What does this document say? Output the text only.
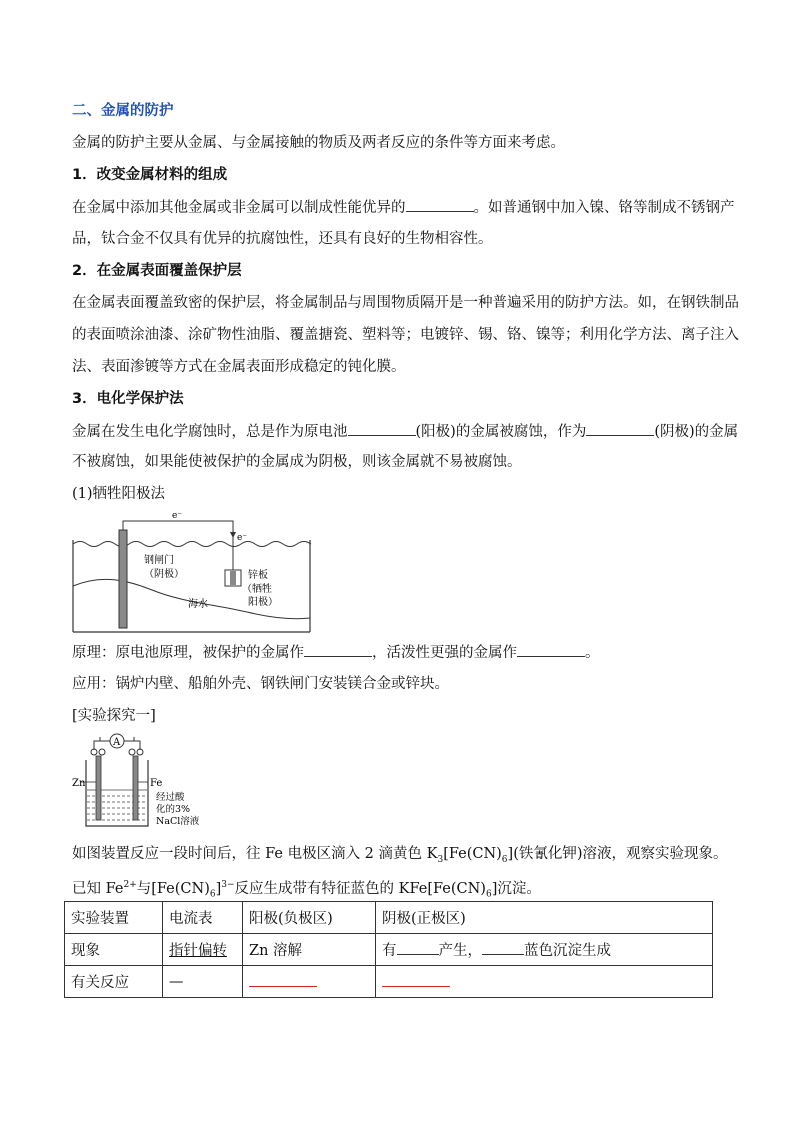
二、金属的防护
金属的防护主要从金属、与金属接触的物质及两者反应的条件等方面来考虑。
1．改变金属材料的组成
在金属中添加其他金属或非金属可以制成性能优异的	。如普通钢中加入镍、铬等制成不锈钢产
品，钛合金不仅具有优异的抗腐蚀性，还具有良好的生物相容性。
2．在金属表面覆盖保护层
在金属表面覆盖致密的保护层，将金属制品与周围物质隔开是一种普遍采用的防护方法。如，在钢铁制品
的表面喷涂油漆、涂矿物性油脂、覆盖搪瓷、塑料等；电镀锌、锡、铬、镍等；利用化学方法、离子注入
法、表面渗镀等方式在金属表面形成稳定的钝化膜。
3．电化学保护法
金属在发生电化学腐蚀时，总是作为原电池	(阳极)的金属被腐蚀，作为	(阴极)的金属
不被腐蚀，如果能使被保护的金属成为阴极，则该金属就不易被腐蚀。
(1)牺牲阳极法
e⁻
e⁻
钢闸门
（阴极）	锌板
（牺牲
阳极）
海水
原理：原电池原理，被保护的金属作	，活泼性更强的金属作	。
应用：锅炉内壁、船舶外壳、钢铁闸门安装镁合金或锌块。
[实验探究一]
A
Zn	Fe
经过酸
化的3%
NaCl溶液
如图装置反应一段时间后，往 Fe 电极区滴入 2 滴黄色 $K_3[Fe(CN)_6]$(铁氰化钾)溶液，观察实验现象。
已知 $Fe^{2+}$与$[Fe(CN)_6]^{3-}$反应生成带有特征蓝色的 $KFe[Fe(CN)_6]$沉淀。
实验装置	电流表	阳极(负极区)	阴极(正极区)
现象	指针偏转	Zn 溶解	有 产生， 蓝色沉淀生成
有关反应	—		
